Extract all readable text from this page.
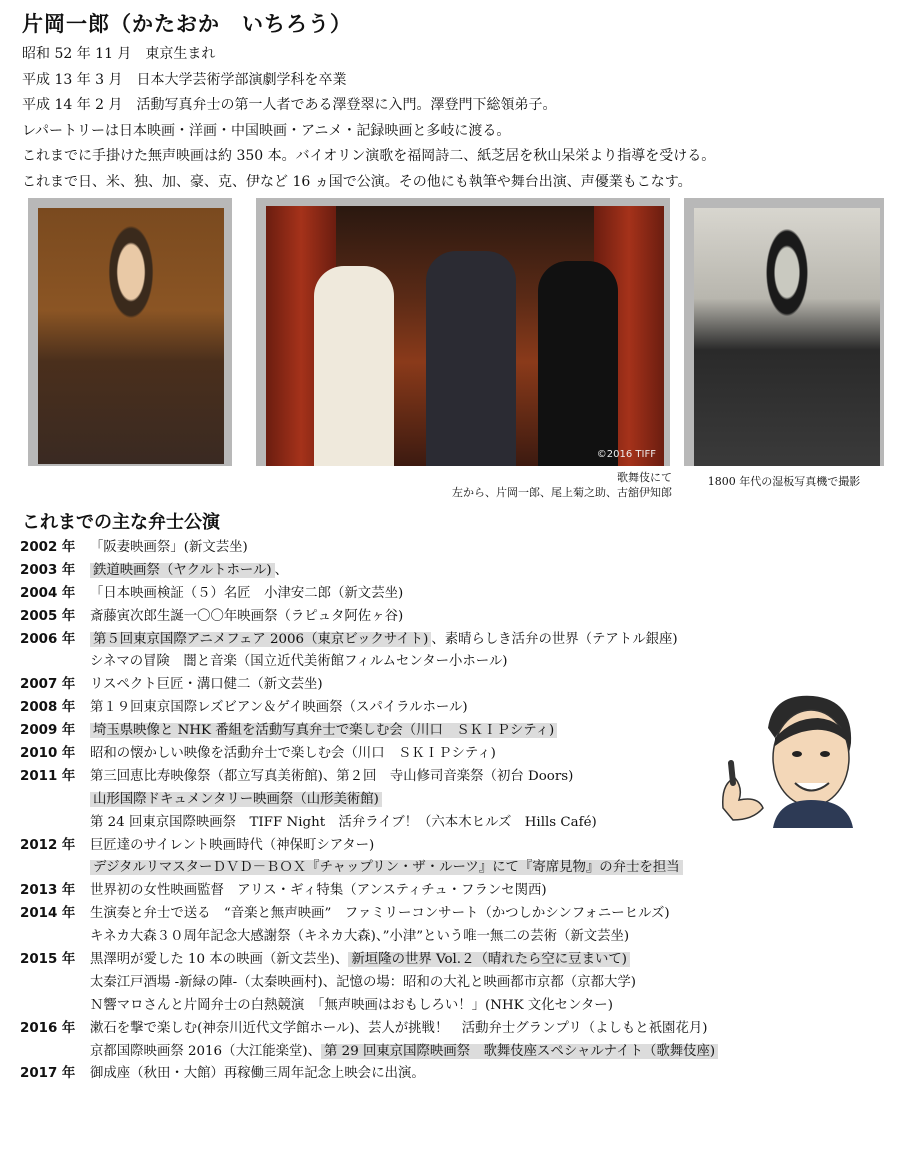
片岡一郎（かたおか　いちろう）
昭和 52 年 11 月　東京生まれ
平成 13 年 3 月　日本大学芸術学部演劇学科を卒業
平成 14 年 2 月　活動写真弁士の第一人者である澤登翠に入門。澤登門下総領弟子。
レパートリーは日本映画・洋画・中国映画・アニメ・記録映画と多岐に渡る。
これまでに手掛けた無声映画は約 350 本。バイオリン演歌を福岡詩二、紙芝居を秋山呆栄より指導を受ける。
これまで日、米、独、加、豪、克、伊など 16 ヵ国で公演。その他にも執筆や舞台出演、声優業もこなす。
©2016 TIFF
歌舞伎にて
左から、片岡一郎、尾上菊之助、古舘伊知郎
1800 年代の湿板写真機で撮影
これまでの主な弁士公演
2002 年	「阪妻映画祭」(新文芸坐)
2003 年	鉄道映画祭（ヤクルトホール) 、
2004 年	「日本映画検証（５）名匠　小津安二郎（新文芸坐)
2005 年	斎藤寅次郎生誕一〇〇年映画祭（ラピュタ阿佐ヶ谷)
2006 年	第５回東京国際アニメフェア 2006（東京ビックサイト) 、素晴らしき活弁の世界（テアトル銀座)
シネマの冒険　闇と音楽（国立近代美術館フィルムセンター小ホール)
2007 年	リスペクト巨匠・溝口健二（新文芸坐)
2008 年	第１９回東京国際レズビアン＆ゲイ映画祭（スパイラルホール)
2009 年	埼玉県映像と NHK 番組を活動写真弁士で楽しむ会（川口　ＳＫＩＰシティ)
2010 年	昭和の懐かしい映像を活動弁士で楽しむ会（川口　ＳＫＩＰシティ)
2011 年	第三回恵比寿映像祭（都立写真美術館)、第２回　寺山修司音楽祭（初台 Doors)
山形国際ドキュメンタリー映画祭（山形美術館)
第 24 回東京国際映画祭　TIFF Night　活弁ライブ！（六本木ヒルズ　Hills Café)
2012 年	巨匠達のサイレント映画時代（神保町シアター)
デジタルリマスターＤＶＤ－ＢＯＸ『チャップリン・ザ・ルーツ』にて『寄席見物』の弁士を担当
2013 年	世界初の女性映画監督　アリス・ギィ特集（アンスティチュ・フランセ関西)
2014 年	生演奏と弁士で送る　“音楽と無声映画”　ファミリーコンサート（かつしかシンフォニーヒルズ)
キネカ大森３０周年記念大感謝祭（キネカ大森)、”小津”という唯一無二の芸術（新文芸坐)
2015 年	黒澤明が愛した 10 本の映画（新文芸坐)、 新垣隆の世界 Vol.２（晴れたら空に豆まいて)
太秦江戸酒場 -新緑の陣-（太秦映画村)、記憶の場：昭和の大礼と映画都市京都（京都大学)
Ｎ響マロさんと片岡弁士の白熱競演　「無声映画はおもしろい！」(NHK 文化センター)
2016 年	漱石を撃で楽しむ(神奈川近代文学館ホール)、芸人が挑戦！　活動弁士グランプリ（よしもと祇園花月)
京都国際映画祭 2016（大江能楽堂)、 第 29 回東京国際映画祭　歌舞伎座スペシャルナイト（歌舞伎座)
2017 年	御成座（秋田・大館）再稼働三周年記念上映会に出演。
